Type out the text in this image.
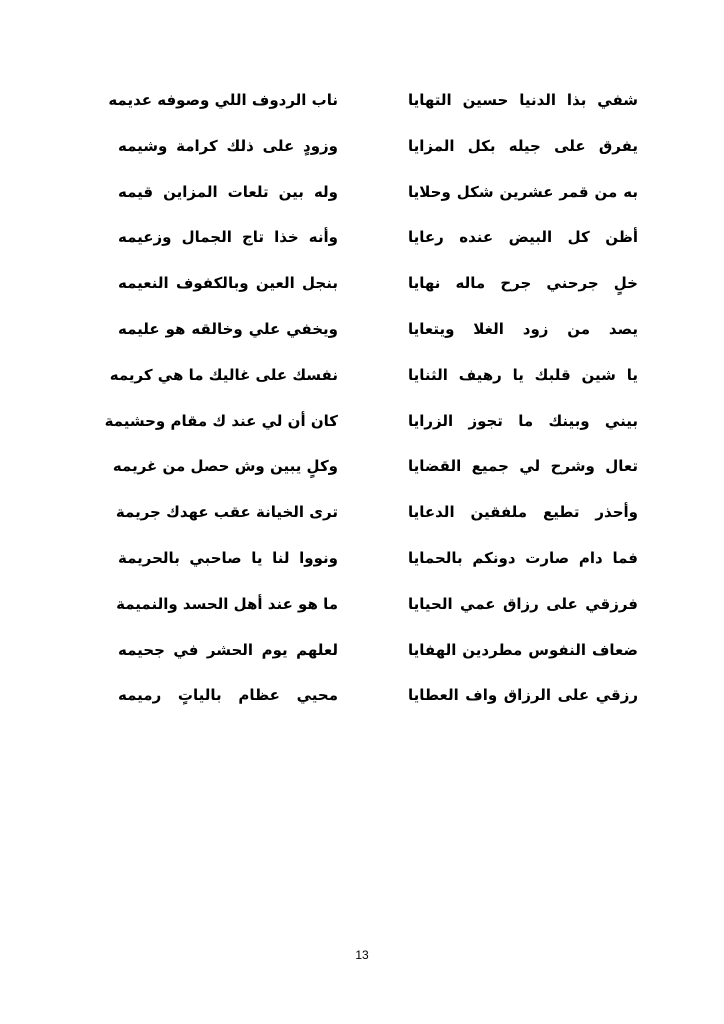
شفي بذا الدنيا حسين التهايا
ناب الردوف اللي وصوفه عديمه
يفرق على جيله بكل المزايا
وزودٍ على ذلك كرامة وشيمه
به من قمر عشرين شكل وحلايا
وله بين تلعات المزاين قيمه
أظن كل البيض عنده رعايا
وأنه خذا تاج الجمال وزعيمه
خلٍ جرحني جرح ماله نهايا
بنجل العين وبالكفوف النعيمه
يصد من زود الغلا ويتعايا
ويخفي علي وخالقه هو عليمه
يا شين قلبك يا رهيف الثنايا
نفسك على غاليك ما هي كريمه
بيني وبينك ما تجوز الزرايا
كان أن لي عند ك مقام وحشيمة
تعال وشرح لي جميع القضايا
وكلٍ يبين وش حصل من غريمه
وأحذر تطيع ملفقين الدعايا
ترى الخيانة عقب عهدك جريمة
فما دام صارت دونكم بالحمايا
ونووا لنا يا صاحبي بالحريمة
فرزقي على رزاق عمي الحيايا
ما هو عند أهل الحسد والنميمة
ضعاف النفوس مطردين الهفايا
لعلهم يوم الحشر في جحيمه
رزقي على الرزاق واف العطايا
محيي عظام بالياتٍ رميمه
13
